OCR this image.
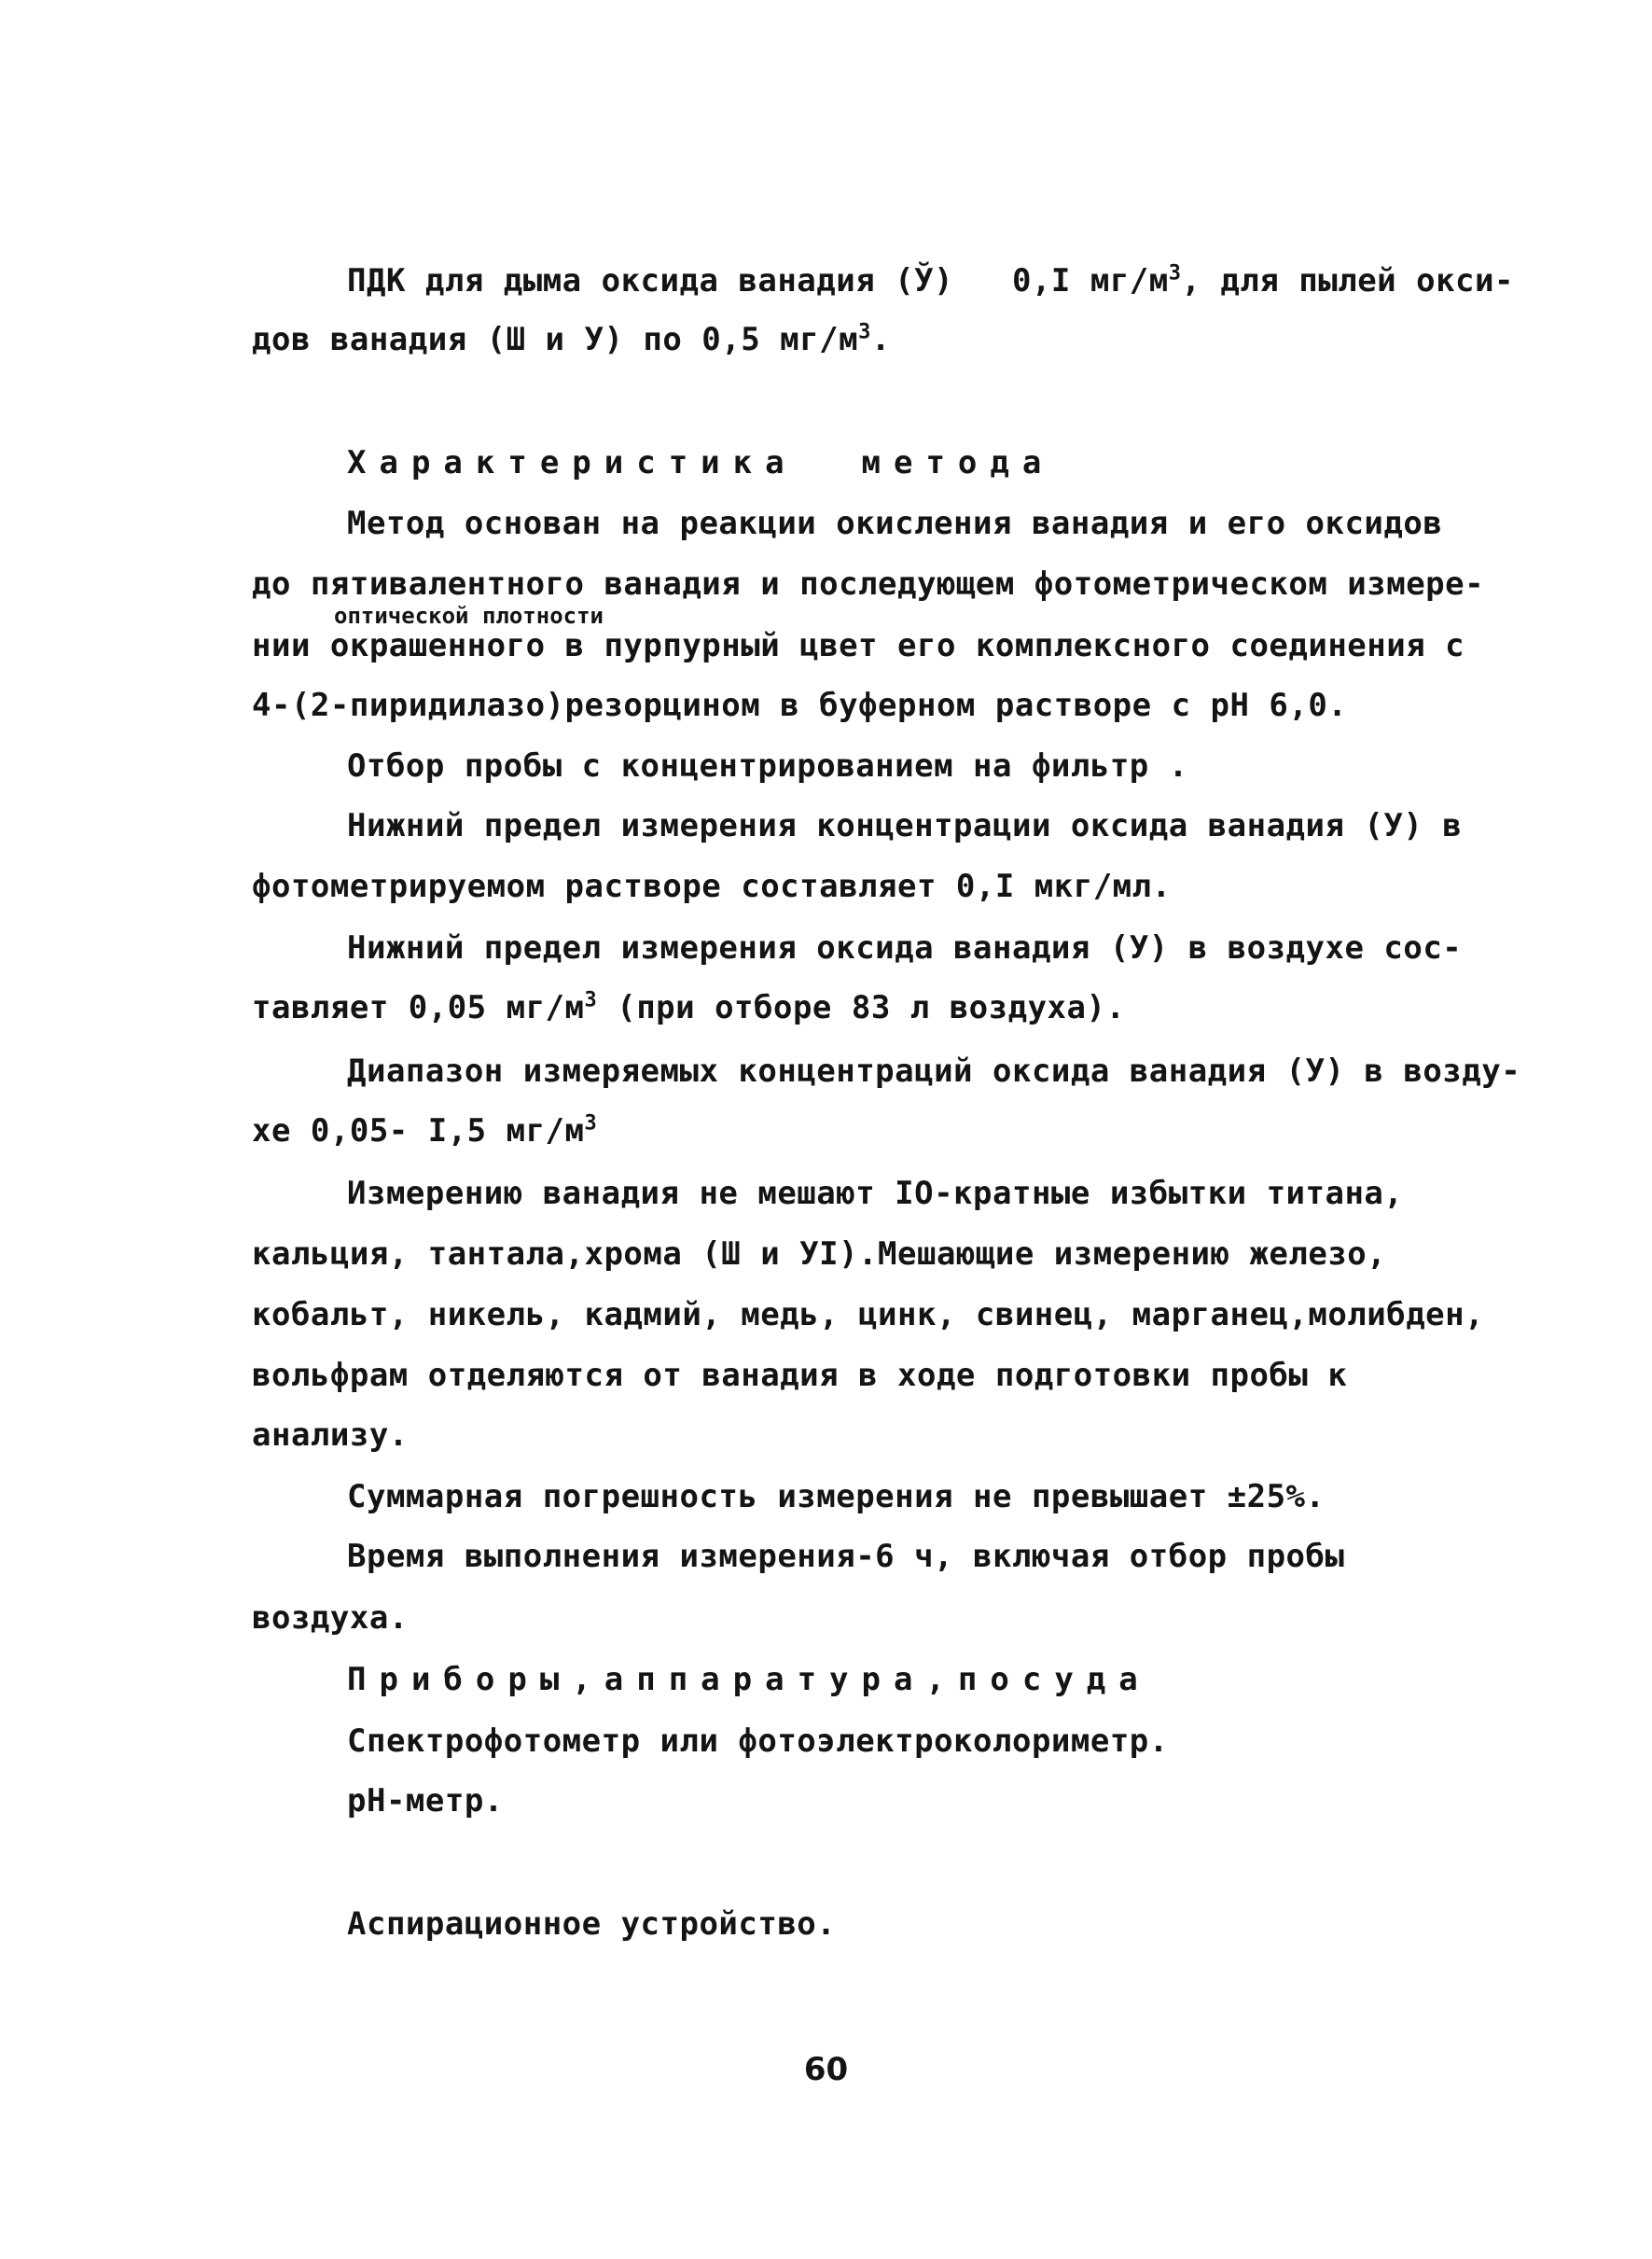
ПДК для дыма оксида ванадия (Ў)   0,I $мг/м^3$, для пылей окси-
дов ванадия (Ш и У) по 0,5 $мг/м^3$.
Характеристика  метода
Метод основан на реакции окисления ванадия и его оксидов
до пятивалентного ванадия и последующем фотометрическом измере-
оптической плотности
нии окрашенного в пурпурный цвет его комплексного соединения с
4-(2-пиридилазо)резорцином в буферном растворе с рН 6,0.
Отбор пробы с концентрированием на фильтр .
Нижний предел измерения концентрации оксида ванадия (У) в
фотометрируемом растворе составляет 0,I мкг/мл.
Нижний предел измерения оксида ванадия (У) в воздухе сос-
тавляет 0,05 $мг/м^3$ (при отборе 83 л воздуха).
Диапазон измеряемых концентраций оксида ванадия (У) в возду-
хе 0,05- I,5 $мг/м^3$
Измерению ванадия не мешают IO-кратные избытки титана,
кальция, тантала,хрома (Ш и УI).Мешающие измерению железо,
кобальт, никель, кадмий, медь, цинк, свинец, марганец,молибден,
вольфрам отделяются от ванадия в ходе подготовки пробы к
анализу.
Суммарная погрешность измерения не превышает ±25%.
Время выполнения измерения-6 ч, включая отбор пробы
воздуха.
Приборы,аппаратура,посуда
Спектрофотометр или фотоэлектроколориметр.
рН-метр.
Аспирационное устройство.
60
